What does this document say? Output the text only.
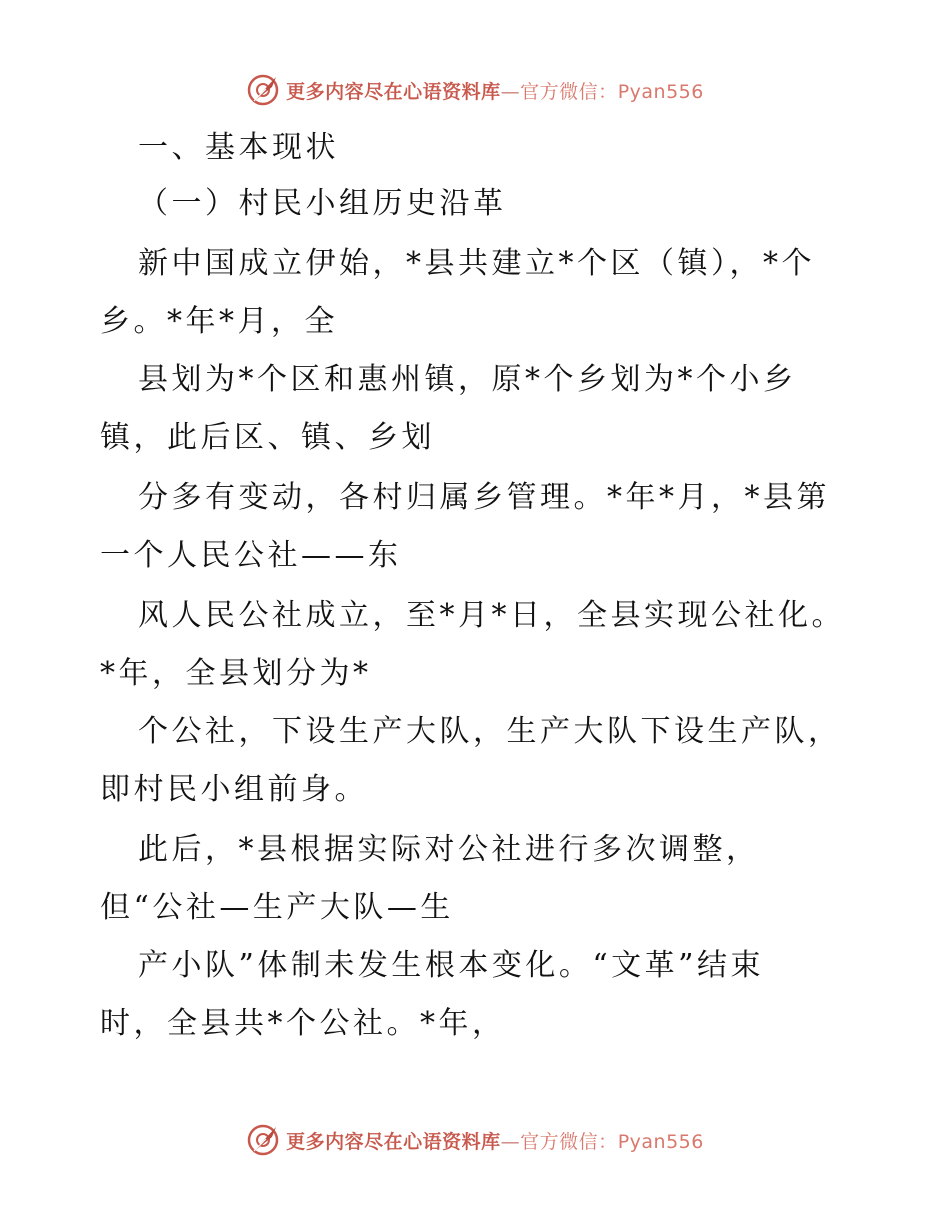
更多内容尽在心语资料库—官方微信：Pyan556
一、基本现状
（一）村民小组历史沿革
新中国成立伊始，*县共建立*个区（镇），*个
乡。*年*月，全
县划为*个区和惠州镇，原*个乡划为*个小乡
镇，此后区、镇、乡划
分多有变动，各村归属乡管理。*年*月，*县第
一个人民公社——东
风人民公社成立，至*月*日，全县实现公社化。
*年，全县划分为*
个公社，下设生产大队，生产大队下设生产队，
即村民小组前身。
此后，*县根据实际对公社进行多次调整，
但“公社—生产大队—生
产小队”体制未发生根本变化。“文革”结束
时，全县共*个公社。*年，
更多内容尽在心语资料库—官方微信：Pyan556
